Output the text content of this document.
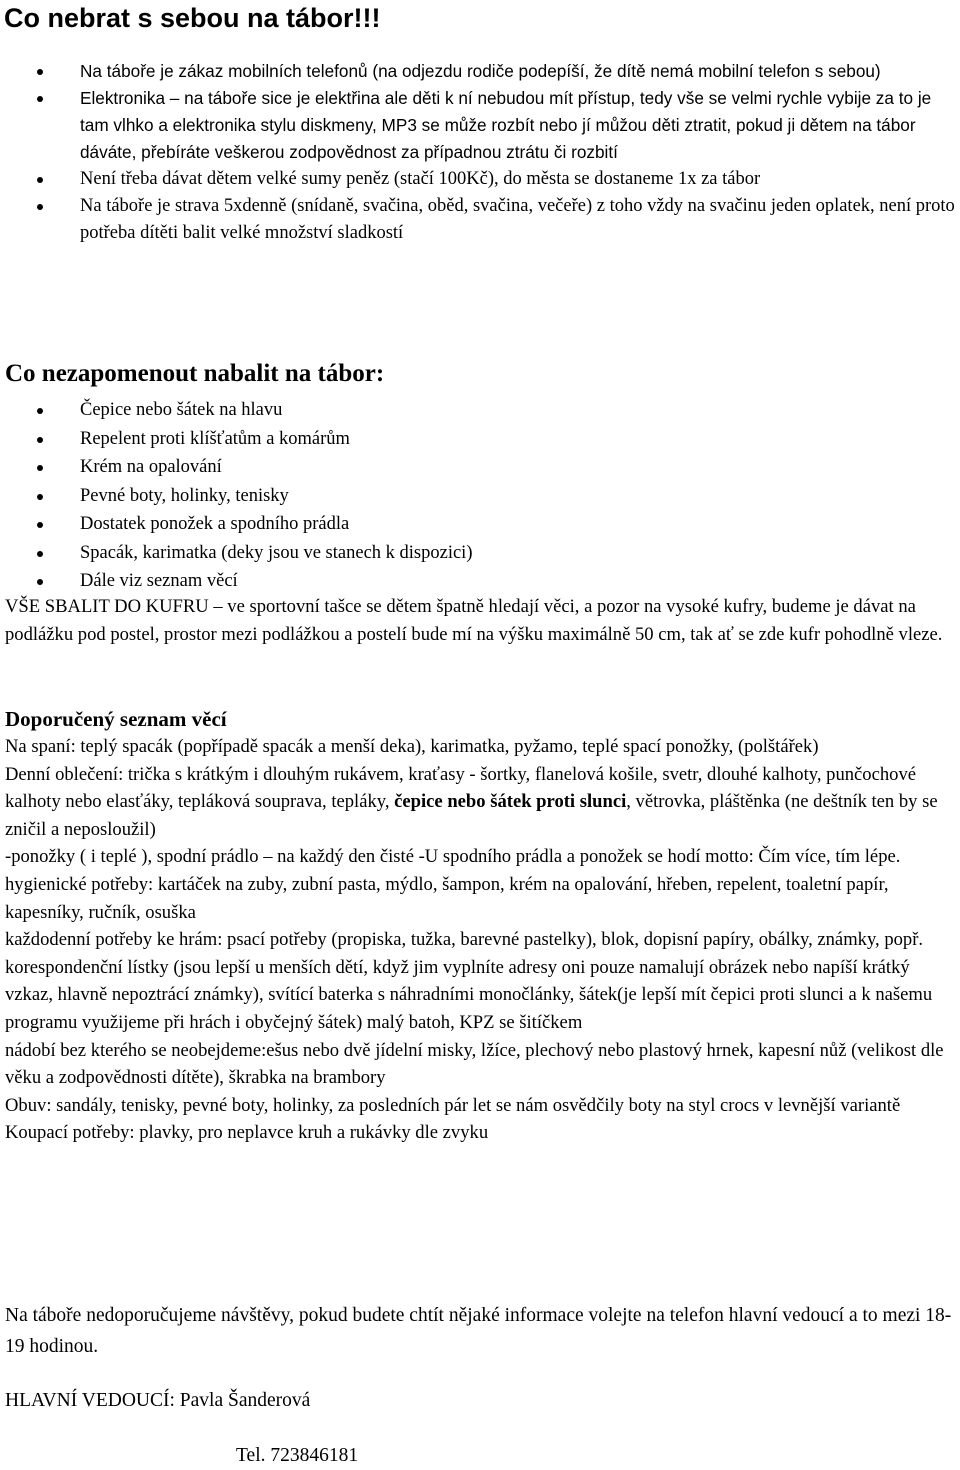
Co nebrat s sebou na tábor!!!
Na táboře je zákaz mobilních telefonů (na odjezdu rodiče podepíší, že dítě nemá mobilní telefon s sebou)
Elektronika – na táboře sice je elektřina ale děti k ní nebudou mít přístup, tedy vše se velmi rychle vybije za to je tam vlhko a elektronika stylu diskmeny, MP3 se může rozbít nebo jí můžou děti ztratit, pokud ji dětem na tábor dáváte, přebíráte veškerou zodpovědnost za případnou ztrátu či rozbití
Není třeba dávat dětem velké sumy peněz (stačí 100Kč), do města se dostaneme 1x za tábor
Na táboře je strava 5xdenně (snídaně, svačina, oběd, svačina, večeře) z toho vždy na svačinu jeden oplatek, není proto potřeba dítěti balit velké množství sladkostí
Co nezapomenout nabalit na tábor:
Čepice nebo šátek na hlavu
Repelent proti klíšťatům a komárům
Krém na opalování
Pevné boty, holinky, tenisky
Dostatek ponožek a spodního prádla
Spacák, karimatka (deky jsou ve stanech k dispozici)
Dále viz seznam věcí

VŠE SBALIT DO KUFRU – ve sportovní tašce se dětem špatně hledají věci, a pozor na vysoké kufry, budeme je dávat na podlážku pod postel, prostor mezi podlážkou a postelí bude mí na výšku maximálně 50 cm, tak ať se zde kufr pohodlně vleze.

Doporučený seznam věcí
Na spaní: teplý spacák (popřípadě spacák a menší deka), karimatka, pyžamo, teplé spací ponožky, (polštářek)
Denní oblečení: trička s krátkým i dlouhým rukávem, kraťasy - šortky, flanelová košile, svetr, dlouhé kalhoty, punčochové kalhoty nebo elasťáky, tepláková souprava, tepláky, čepice nebo šátek proti slunci, větrovka, pláštěnka (ne deštník ten by se zničil a neposloužil)
-ponožky ( i teplé ), spodní prádlo – na každý den čisté -U spodního prádla a ponožek se hodí motto: Čím více, tím lépe.
hygienické potřeby: kartáček na zuby, zubní pasta, mýdlo, šampon, krém na opalování, hřeben, repelent, toaletní papír, kapesníky, ručník, osuška
každodenní potřeby ke hrám: psací potřeby (propiska, tužka, barevné pastelky), blok, dopisní papíry, obálky, známky, popř. korespondenční lístky (jsou lepší u menších dětí, když jim vyplníte adresy oni pouze namalují obrázek nebo napíší krátký vzkaz, hlavně nepoztrácí známky), svítící baterka s náhradními monočlánky, šátek(je lepší mít čepici proti slunci a k našemu programu využijeme při hrách i obyčejný šátek) malý batoh, KPZ se šitíčkem
nádobí bez kterého se neobejdeme:ešus nebo dvě jídelní misky, lžíce, plechový nebo plastový hrnek, kapesní nůž (velikost dle věku a zodpovědnosti dítěte), škrabka na brambory
Obuv: sandály, tenisky, pevné boty, holinky, za posledních pár let se nám osvědčily boty na styl crocs v levnější variantě
Koupací potřeby: plavky, pro neplavce kruh a rukávky dle zvyku

Na táboře nedoporučujeme návštěvy, pokud budete chtít nějaké informace volejte na telefon hlavní vedoucí a to mezi 18-19 hodinou.

HLAVNÍ VEDOUCÍ: Pavla Šanderová

Tel. 723846181
